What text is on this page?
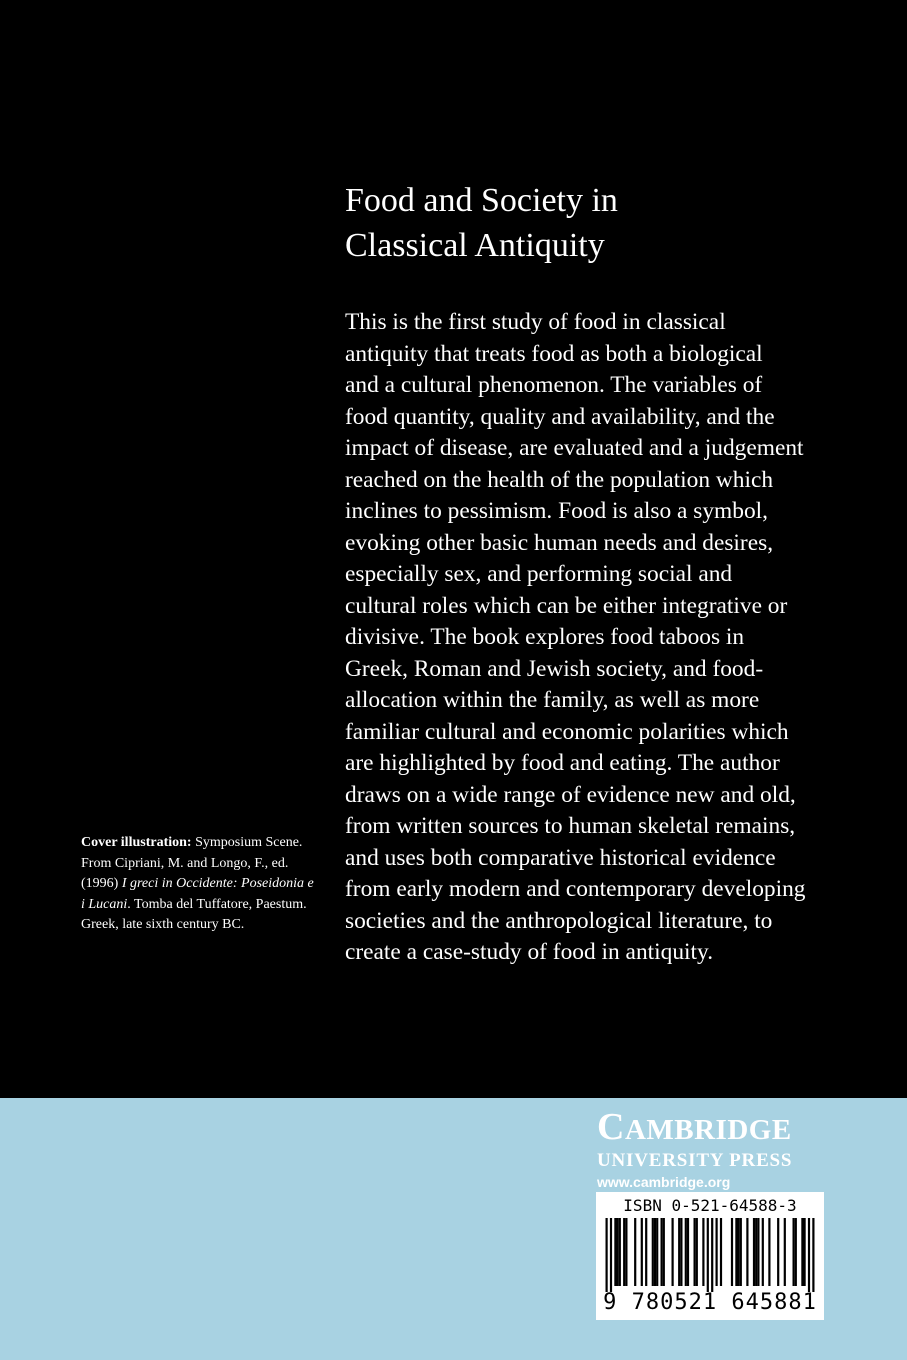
Food and Society in
Classical Antiquity

This is the first study of food in classical
antiquity that treats food as both a biological
and a cultural phenomenon. The variables of
food quantity, quality and availability, and the
impact of disease, are evaluated and a judgement
reached on the health of the population which
inclines to pessimism. Food is also a symbol,
evoking other basic human needs and desires,
especially sex, and performing social and
cultural roles which can be either integrative or
divisive. The book explores food taboos in
Greek, Roman and Jewish society, and food-
allocation within the family, as well as more
familiar cultural and economic polarities which
are highlighted by food and eating. The author
draws on a wide range of evidence new and old,
from written sources to human skeletal remains,
and uses both comparative historical evidence
from early modern and contemporary developing
societies and the anthropological literature, to
create a case-study of food in antiquity.

Cover illustration: Symposium Scene.
From Cipriani, M. and Longo, F., ed.
(1996) I greci in Occidente: Poseidonia e
i Lucani. Tomba del Tuffatore, Paestum.
Greek, late sixth century BC.

CAMBRIDGE
UNIVERSITY PRESS
www.cambridge.org
ISBN 0-521-64588-3
9 780521 645881
